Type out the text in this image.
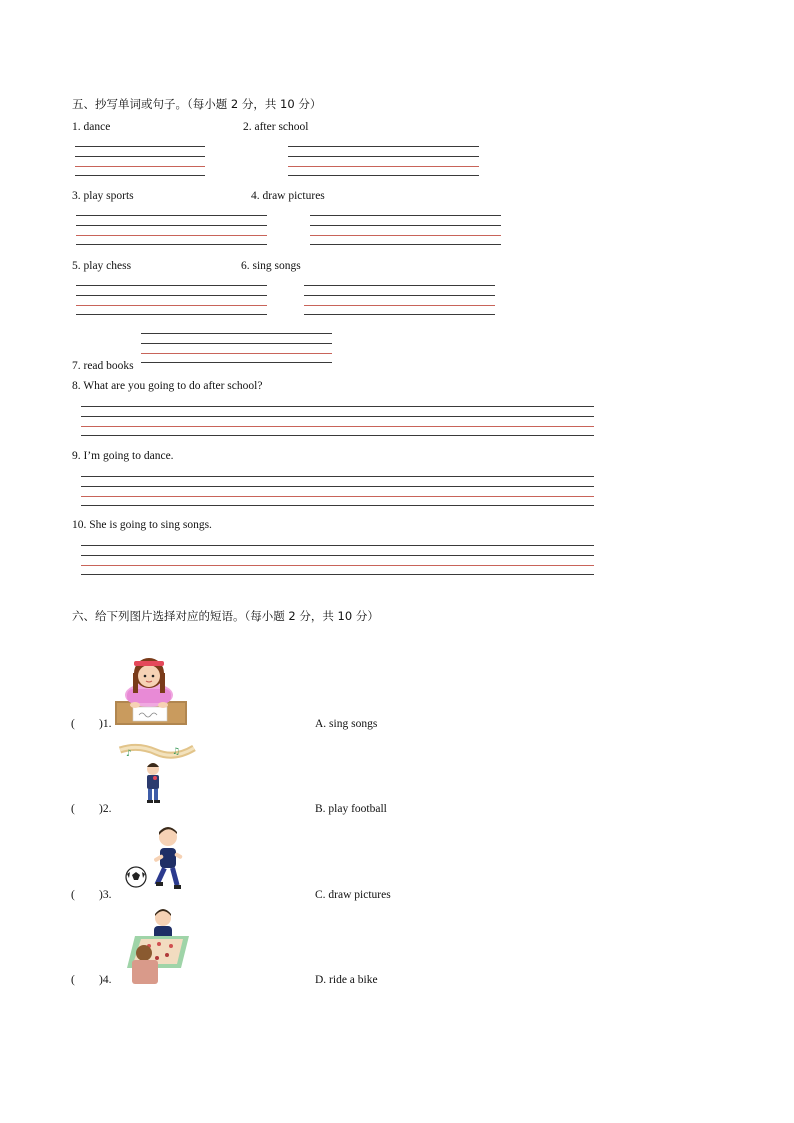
五、抄写单词或句子。（每小题 2 分，共 10 分）
1. dance	2. after school
3. play sports	4. draw pictures
5. play chess	6. sing songs
7. read books
8. What are you going to do after school?
9. I’m going to dance.
10. She is going to sing songs.
六、给下列图片选择对应的短语。（每小题 2 分，共 10 分）
( )1.	A. sing songs
♪	♫
( )2.	B. play football
( )3.	C. draw pictures
( )4.	D. ride a bike
